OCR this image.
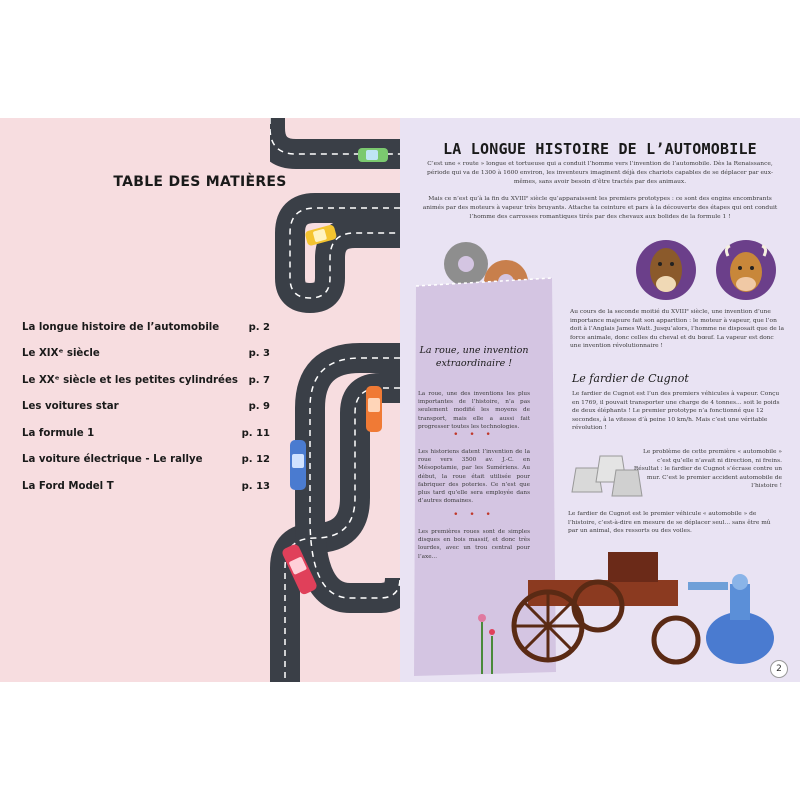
TABLE DES MATIÈRES
La longue histoire de l’automobile	p. 2
Le XIXᵉ siècle	p. 3
Le XXᵉ siècle et les petites cylindrées p. 7
Les voitures star	p. 9
La formule 1	p. 11
La voiture électrique - Le rallye	p. 12
La Ford Model T	p. 13
LA LONGUE HISTOIRE DE L’AUTOMOBILE

C’est une « route » longue et tortueuse qui a conduit l’homme vers l’invention de l’automobile. Dès la Renaissance, période qui va de 1300 à 1600 environ, les inventeurs imaginent déjà des chariots capables de se déplacer par eux-mêmes, sans avoir besoin d’être tractés par des animaux.

Mais ce n’est qu’à la fin du XVIIIᵉ siècle qu’apparaissent les premiers prototypes : ce sont des engins encombrants animés par des moteurs à vapeur très bruyants. Attache ta ceinture et pars à la découverte des étapes qui ont conduit l’homme des carrosses romantiques tirés par des chevaux aux bolides de la formule 1 !

La roue, une invention extraordinaire !
La roue, une des inventions les plus importantes de l’histoire, n’a pas seulement modifié les moyens de transport, mais elle a aussi fait progresser toutes les technologies.
• • •
Les historiens datent l’invention de la roue vers 3500 av. J.-C. en Mésopotamie, par les Sumériens. Au début, la roue était utilisée pour fabriquer des poteries. Ce n’est que plus tard qu’elle sera employée dans d’autres domaines.
• • •
Les premières roues sont de simples disques en bois massif, et donc très lourdes, avec un trou central pour l’axe...
Au cours de la seconde moitié du XVIIIᵉ siècle, une invention d’une importance majeure fait son apparition : le moteur à vapeur, que l’on doit à l’Anglais James Watt. Jusqu’alors, l’homme ne disposait que de la force animale, donc celles du cheval et du bœuf. La vapeur est donc une invention révolutionnaire !
Le fardier de Cugnot
Le fardier de Cugnot est l’un des premiers véhicules à vapeur. Conçu en 1769, il pouvait transporter une charge de 4 tonnes... soit le poids de deux éléphants ! Le premier prototype n’a fonctionné que 12 secondes, à la vitesse d’à peine 10 km/h. Mais c’est une véritable révolution !
Le problème de cette première « automobile » c’est qu’elle n’avait ni direction, ni freins. Résultat : le fardier de Cugnot s’écrase contre un mur. C’est le premier accident automobile de l’histoire !
Le fardier de Cugnot est le premier véhicule « automobile » de l’histoire, c’est-à-dire en mesure de se déplacer seul... sans être mû par un animal, des ressorts ou des voiles.
2
